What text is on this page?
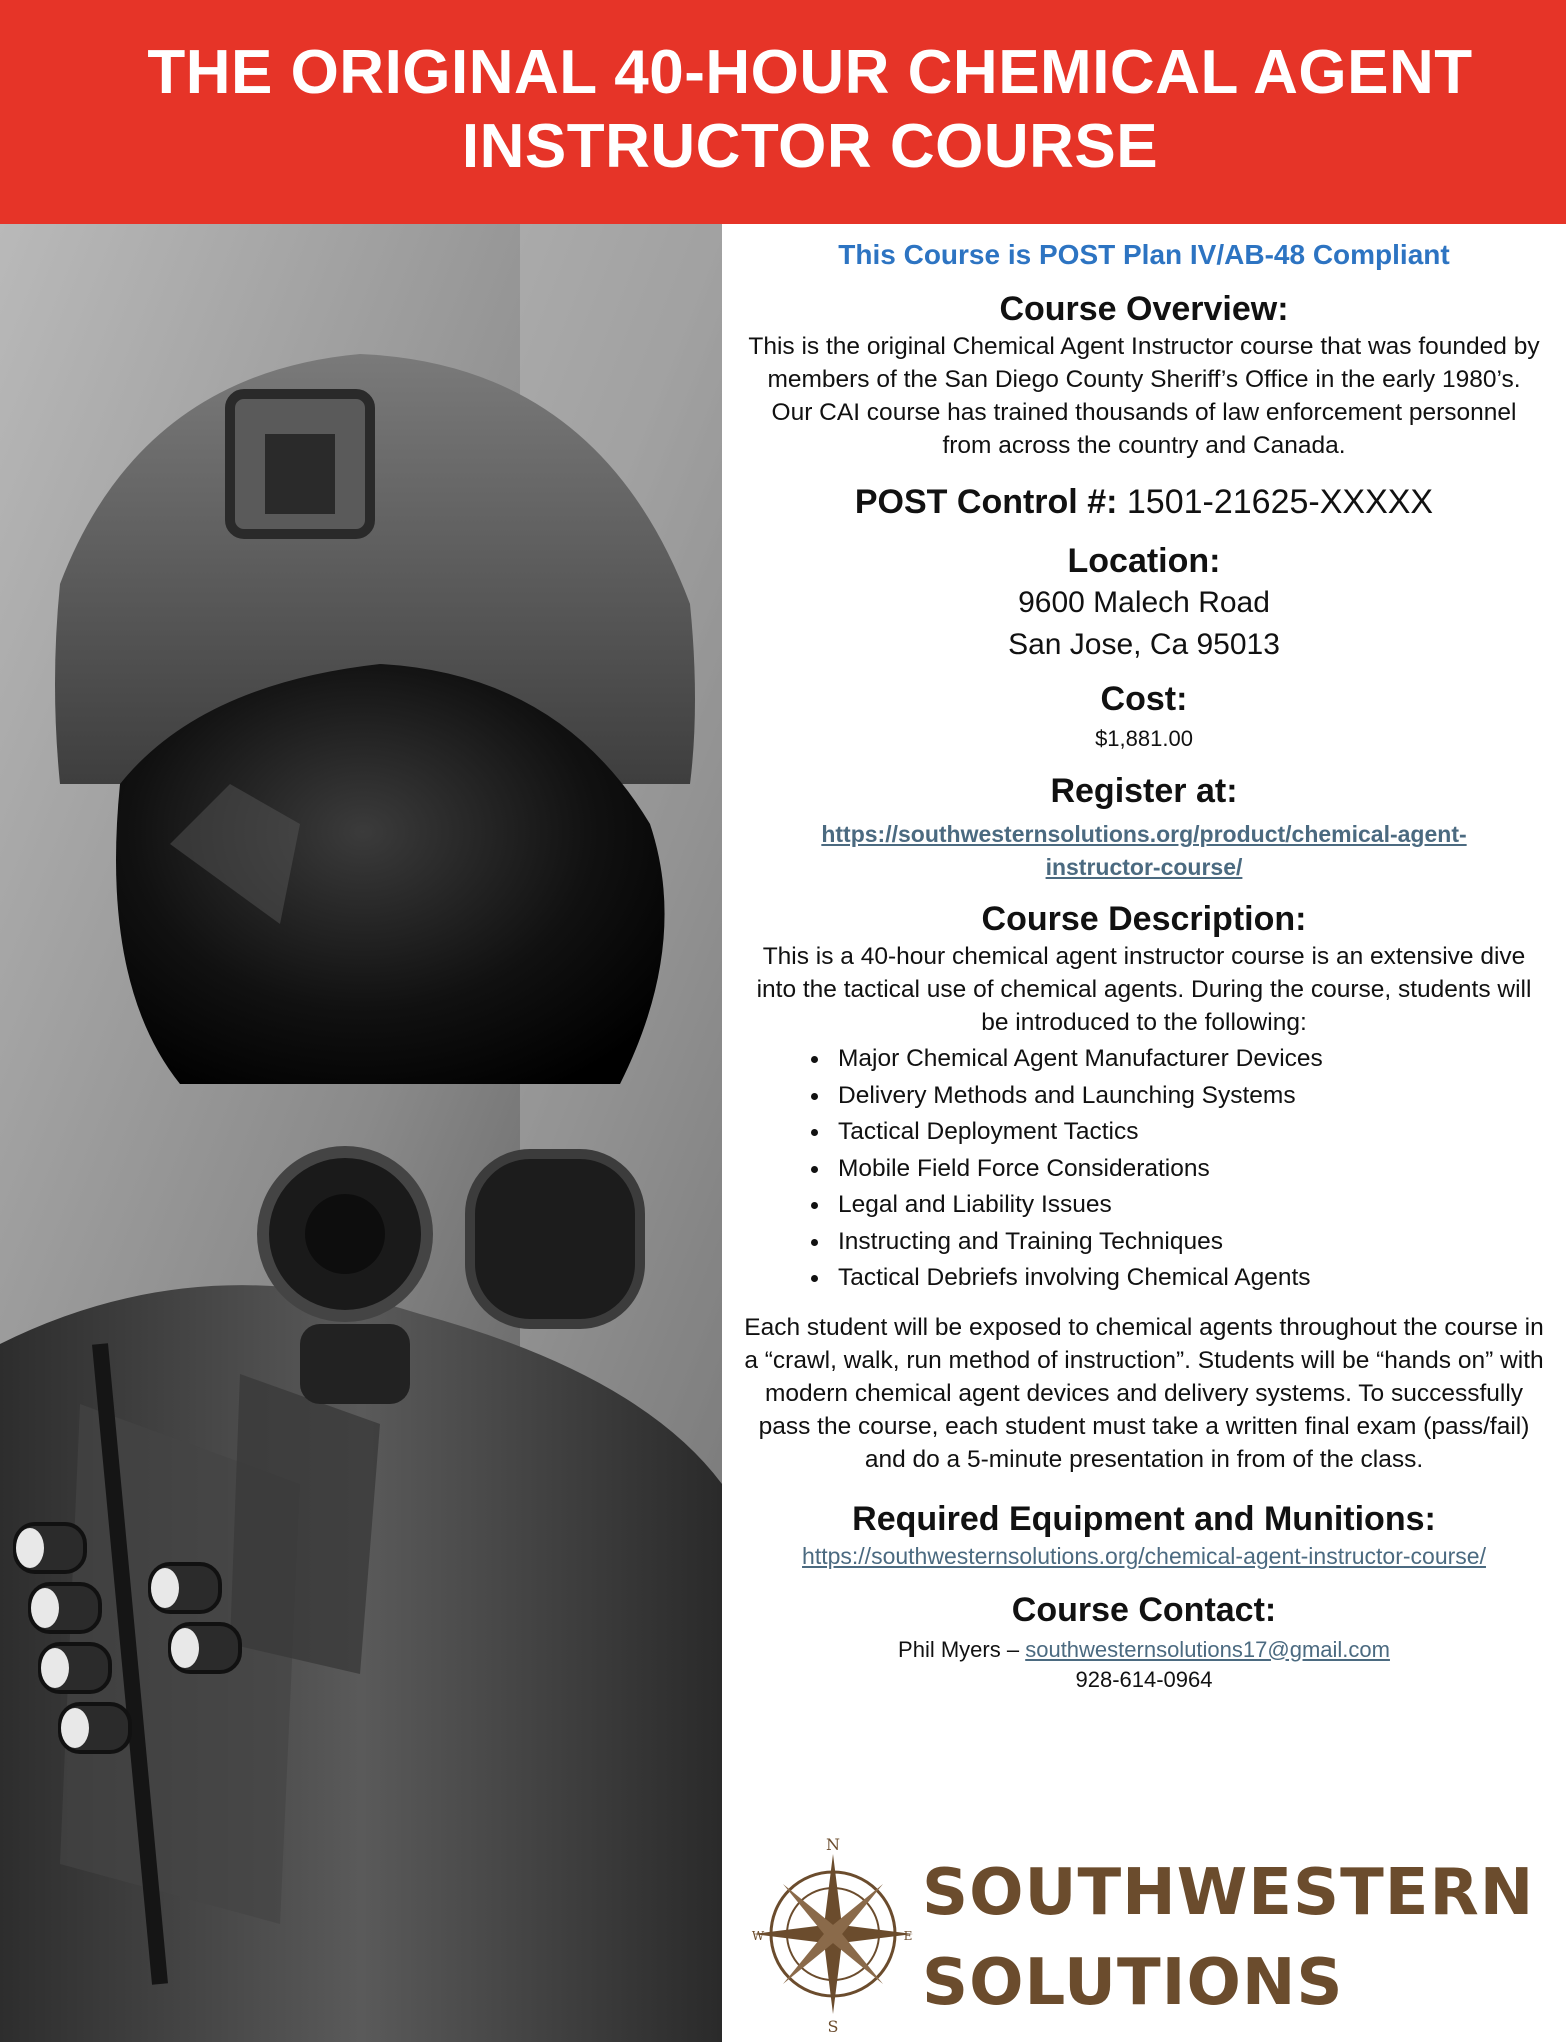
THE ORIGINAL 40-HOUR CHEMICAL AGENT
INSTRUCTOR COURSE

This Course is POST Plan IV/AB-48 Compliant

Course Overview:

This is the original Chemical Agent Instructor course that was founded by members of the San Diego County Sheriff’s Office in the early 1980’s. Our CAI course has trained thousands of law enforcement personnel from across the country and Canada.

POST Control #: 1501-21625-XXXXX

Location:

9600 Malech Road

San Jose, Ca 95013

Cost:

$1,881.00

Register at:
https://southwesternsolutions.org/product/chemical-agent-
instructor-course/
Course Description:

This is a 40-hour chemical agent instructor course is an extensive dive into the tactical use of chemical agents. During the course, students will be introduced to the following:

Major Chemical Agent Manufacturer Devices
Delivery Methods and Launching Systems
Tactical Deployment Tactics
Mobile Field Force Considerations
Legal and Liability Issues
Instructing and Training Techniques
Tactical Debriefs involving Chemical Agents

Each student will be exposed to chemical agents throughout the course in a “crawl, walk, run method of instruction”. Students will be “hands on” with modern chemical agent devices and delivery systems. To successfully pass the course, each student must take a written final exam (pass/fail) and do a 5-minute presentation in from of the class.

Required Equipment and Munitions:
https://southwesternsolutions.org/chemical-agent-instructor-course/
Course Contact:

Phil Myers – southwesternsolutions17@gmail.com

928-614-0964

N
S
E
W
SOUTHWESTERN
SOLUTIONS
